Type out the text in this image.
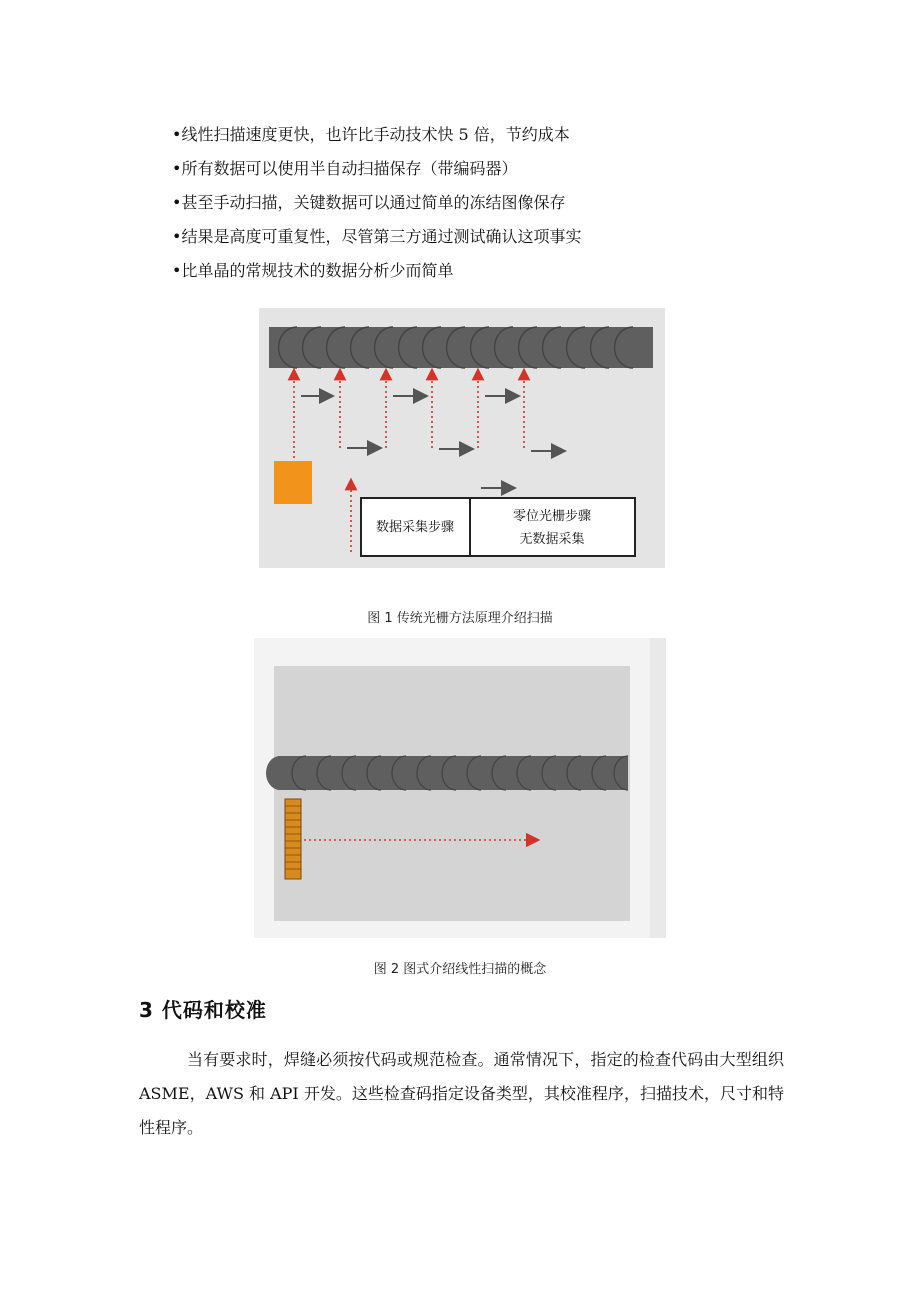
•线性扫描速度更快，也许比手动技术快 5 倍，节约成本
•所有数据可以使用半自动扫描保存（带编码器）
•甚至手动扫描，关键数据可以通过简单的冻结图像保存
•结果是高度可重复性，尽管第三方通过测试确认这项事实
•比单晶的常规技术的数据分析少而简单
数据采集步骤
零位光栅步骤
无数据采集
图 1 传统光栅方法原理介绍扫描
图 2 图式介绍线性扫描的概念
3 代码和校准

当有要求时，焊缝必须按代码或规范检查。通常情况下，指定的检查代码由大型组织 ASME，AWS 和 API 开发。这些检查码指定设备类型，其校准程序，扫描技术，尺寸和特性程序。
